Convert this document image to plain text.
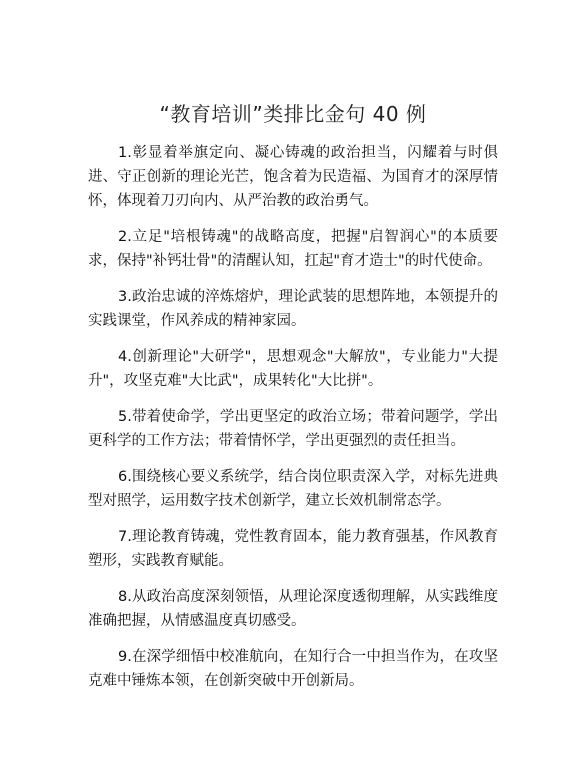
“教育培训”类排比金句 40 例

1.彰显着举旗定向、凝心铸魂的政治担当，闪耀着与时俱进、守正创新的理论光芒，饱含着为民造福、为国育才的深厚情怀，体现着刀刃向内、从严治教的政治勇气。

2.立足"培根铸魂"的战略高度，把握"启智润心"的本质要求，保持"补钙壮骨"的清醒认知，扛起"育才造士"的时代使命。

3.政治忠诚的淬炼熔炉，理论武装的思想阵地，本领提升的实践课堂，作风养成的精神家园。

4.创新理论"大研学"，思想观念"大解放"，专业能力"大提升"，攻坚克难"大比武"，成果转化"大比拼"。

5.带着使命学，学出更坚定的政治立场；带着问题学，学出更科学的工作方法；带着情怀学，学出更强烈的责任担当。

6.围绕核心要义系统学，结合岗位职责深入学，对标先进典型对照学，运用数字技术创新学，建立长效机制常态学。

7.理论教育铸魂，党性教育固本，能力教育强基，作风教育塑形，实践教育赋能。

8.从政治高度深刻领悟，从理论深度透彻理解，从实践维度准确把握，从情感温度真切感受。

9.在深学细悟中校准航向，在知行合一中担当作为，在攻坚克难中锤炼本领，在创新突破中开创新局。
